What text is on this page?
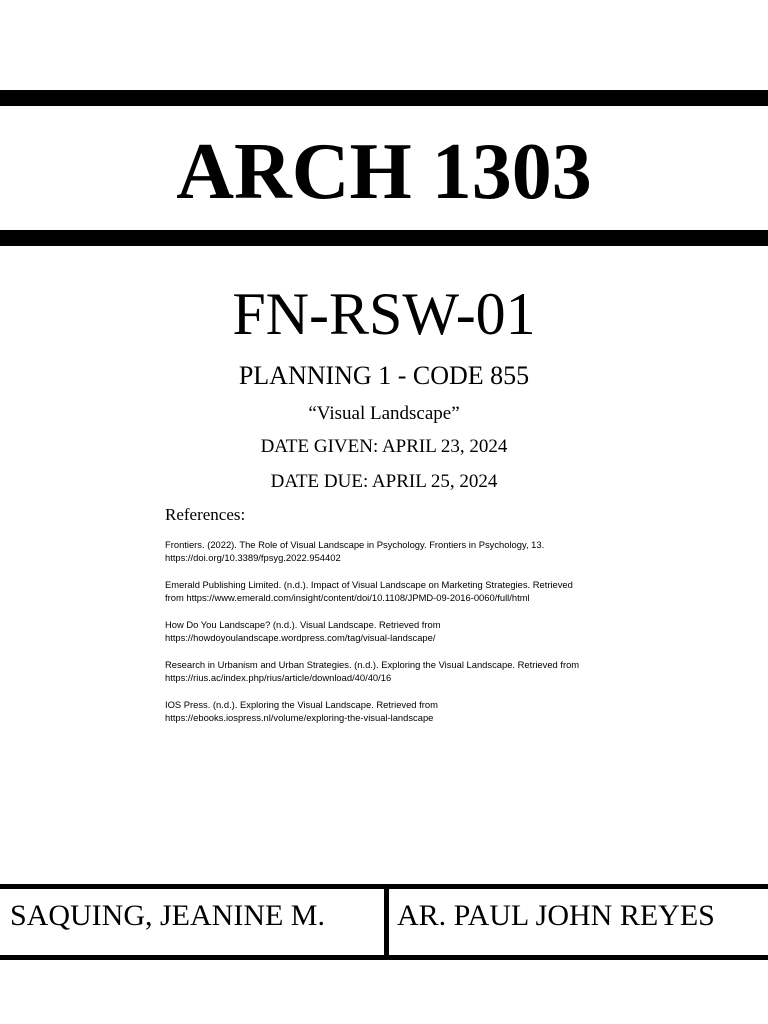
ARCH 1303
FN-RSW-01
PLANNING 1 - CODE 855
“Visual Landscape”
DATE GIVEN: APRIL 23, 2024
DATE DUE: APRIL 25, 2024
References:
Frontiers. (2022). The Role of Visual Landscape in Psychology. Frontiers in Psychology, 13.
https://doi.org/10.3389/fpsyg.2022.954402
Emerald Publishing Limited. (n.d.). Impact of Visual Landscape on Marketing Strategies. Retrieved
from https://www.emerald.com/insight/content/doi/10.1108/JPMD-09-2016-0060/full/html
How Do You Landscape? (n.d.). Visual Landscape. Retrieved from
https://howdoyoulandscape.wordpress.com/tag/visual-landscape/
Research in Urbanism and Urban Strategies. (n.d.). Exploring the Visual Landscape. Retrieved from
https://rius.ac/index.php/rius/article/download/40/40/16
IOS Press. (n.d.). Exploring the Visual Landscape. Retrieved from
https://ebooks.iospress.nl/volume/exploring-the-visual-landscape
SAQUING, JEANINE M. AR. PAUL JOHN REYES
